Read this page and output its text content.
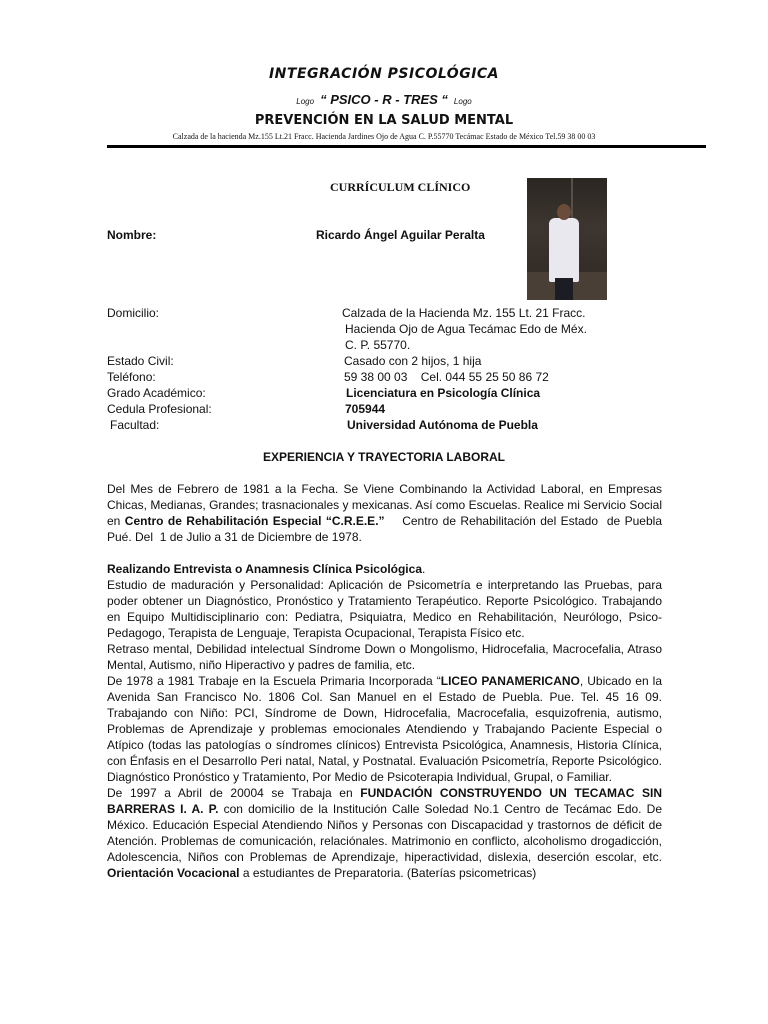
INTEGRACIÓN PSICOLÓGICA
Logo “ PSICO - R - TRES “ Logo
PREVENCIÓN EN LA SALUD MENTAL
Calzada de la hacienda Mz.155 Lt.21 Fracc. Hacienda Jardines Ojo de Agua C. P.55770 Tecámac Estado de México Tel.59 38 00 03
CURRÍCULUM CLÍNICO
Nombre:	Ricardo Ángel Aguilar Peralta
Domicilio:	Calzada de la Hacienda Mz. 155 Lt. 21 Fracc.
Hacienda Ojo de Agua Tecámac Edo de Méx.
C. P. 55770.
Estado Civil:	Casado con 2 hijos, 1 hija
Teléfono:	59 38 00 03    Cel. 044 55 25 50 86 72
Grado Académico:	Licenciatura en Psicología Clínica
Cedula Profesional:	705944
Facultad:	Universidad Autónoma de Puebla
EXPERIENCIA Y TRAYECTORIA LABORAL

Del Mes de Febrero de 1981 a la Fecha. Se Viene Combinando la Actividad Laboral, en Empresas Chicas, Medianas, Grandes; trasnacionales y mexicanas. Así como Escuelas. Realice mi Servicio Social en Centro de Rehabilitación Especial “C.R.E.E.”    Centro de Rehabilitación del Estado  de Puebla Pué. Del  1 de Julio a 31 de Diciembre de 1978.

Realizando Entrevista o Anamnesis Clínica Psicológica.

Estudio de maduración y Personalidad: Aplicación de Psicometría e interpretando las Pruebas, para poder obtener un Diagnóstico, Pronóstico y Tratamiento Terapéutico. Reporte Psicológico. Trabajando en Equipo Multidisciplinario con: Pediatra, Psiquiatra, Medico en Rehabilitación, Neurólogo, Psico-Pedagogo, Terapista de Lenguaje, Terapista Ocupacional, Terapista Físico etc.

Retraso mental, Debilidad intelectual Síndrome Down o Mongolismo, Hidrocefalia, Macrocefalia, Atraso Mental, Autismo, niño Hiperactivo y padres de familia, etc.

De 1978 a 1981 Trabaje en la Escuela Primaria Incorporada “LICEO PANAMERICANO, Ubicado en la Avenida San Francisco No. 1806 Col. San Manuel en el Estado de Puebla. Pue. Tel. 45 16 09. Trabajando con Niño: PCI, Síndrome de Down, Hidrocefalia, Macrocefalia, esquizofrenia, autismo, Problemas de Aprendizaje y problemas emocionales Atendiendo y Trabajando Paciente Especial o Atípico (todas las patologías o síndromes clínicos) Entrevista Psicológica, Anamnesis, Historia Clínica, con Énfasis en el Desarrollo Peri natal, Natal, y Postnatal. Evaluación Psicometría, Reporte Psicológico. Diagnóstico Pronóstico y Tratamiento, Por Medio de Psicoterapia Individual, Grupal, o Familiar.

De 1997 a Abril de 20004 se Trabaja en FUNDACIÓN CONSTRUYENDO UN TECAMAC SIN BARRERAS I. A. P. con domicilio de la Institución Calle Soledad No.1 Centro de Tecámac Edo. De México. Educación Especial Atendiendo Niños y Personas con Discapacidad y trastornos de déficit de Atención. Problemas de comunicación, relaciónales. Matrimonio en conflicto, alcoholismo drogadicción, Adolescencia, Niños con Problemas de Aprendizaje, hiperactividad, dislexia, deserción escolar, etc. Orientación Vocacional a estudiantes de Preparatoria. (Baterías psicometricas)
